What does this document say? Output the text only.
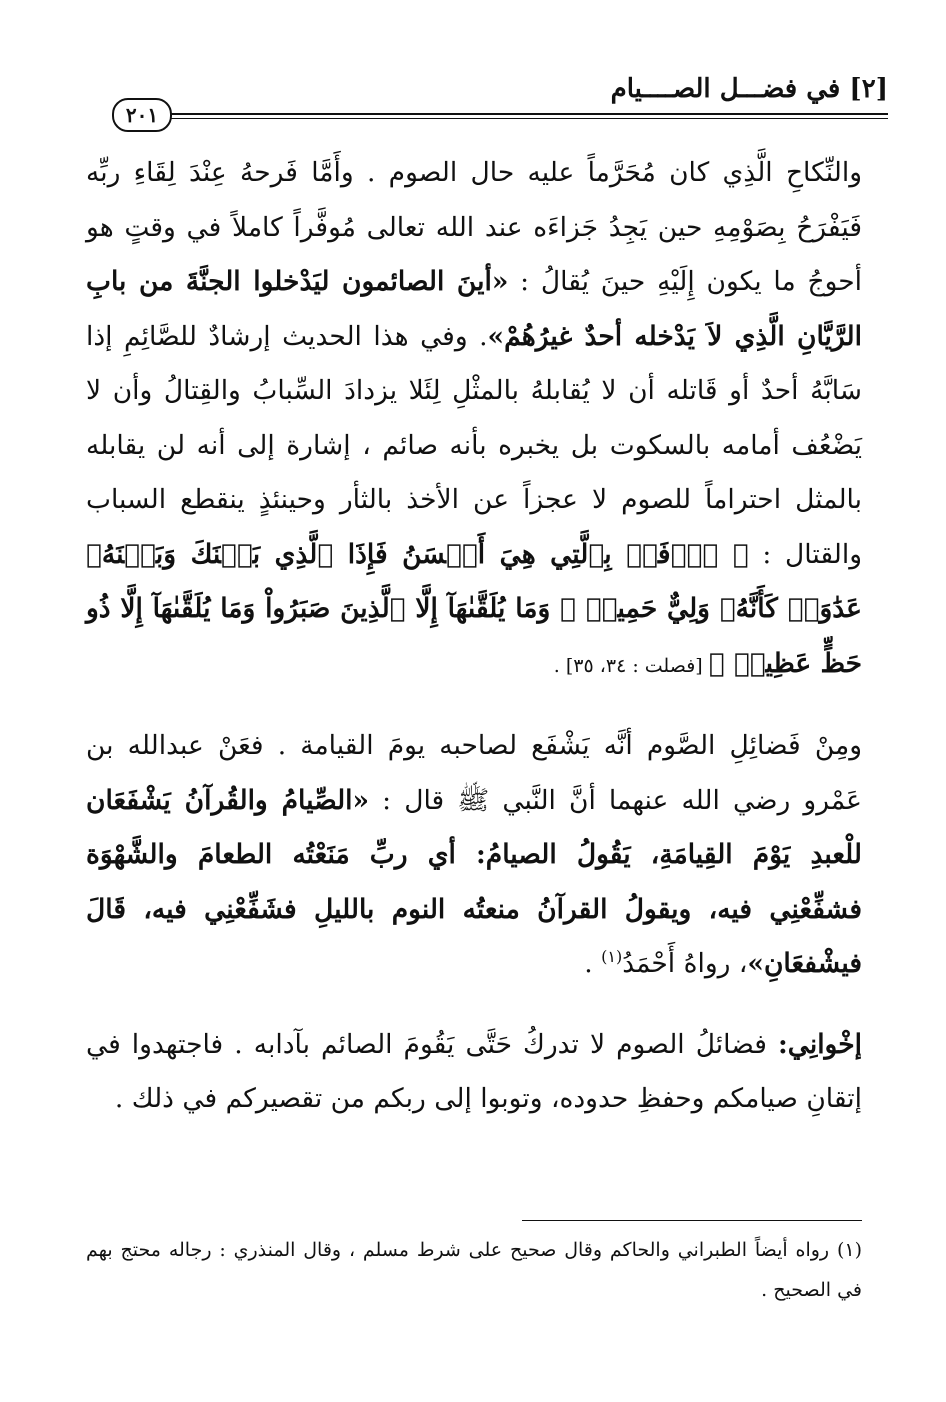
[٢] في فضـــل الصــــيام
٢٠١

والنِّكاحِ الَّذِي كان مُحَرَّماً عليه حال الصوم . وأَمَّا فَرحهُ عِنْدَ لِقَاءِ ربِّه فَيَفْرَحُ بِصَوْمِهِ حين يَجِدُ جَزاءَه عند الله تعالى مُوفَّراً كاملاً في وقتٍ هو أحوجُ ما يكون إِلَيْهِ حينَ يُقالُ : «أينَ الصائمون ليَدْخلوا الجنَّةَ من بابِ الرَّيَّانِ الَّذِي لاَ يَدْخله أحدٌ غيرُهُمْ». وفي هذا الحديث إرشادٌ للصَّائِمِ إذا سَابَّهُ أحدٌ أو قَاتله أن لا يُقابلهُ بالمثْلِ لِئَلا يزدادَ السِّبابُ والقِتالُ وأن لا يَضْعُف أمامه بالسكوت بل يخبره بأنه صائم ، إشارة إلى أنه لن يقابله بالمثل احتراماً للصوم لا عجزاً عن الأخذ بالثأر وحينئذٍ ينقطع السباب والقتال : ﴿ ٱدۡفَعۡ بِٱلَّتِي هِيَ أَحۡسَنُ فَإِذَا ٱلَّذِي بَيۡنَكَ وَبَيۡنَهُۥ عَدَٰوَةٞ كَأَنَّهُۥ وَلِيٌّ حَمِيمٞ ۞ وَمَا يُلَقَّىٰهَآ إِلَّا ٱلَّذِينَ صَبَرُواْ وَمَا يُلَقَّىٰهَآ إِلَّا ذُو حَظٍّ عَظِيمٖ ﴾ [فصلت : ٣٤، ٣٥] .

ومِنْ فَضائِلِ الصَّوم أنَّه يَشْفَع لصاحبه يومَ القيامة . فعَنْ عبدالله بن عَمْرو رضي الله عنهما أنَّ النَّبي ﷺ قال : «الصِّيامُ والقُرآنُ يَشْفَعَان للْعبدِ يَوْمَ القِيامَةِ، يَقُولُ الصيامُ: أي ربِّ مَنَعْتُه الطعامَ والشَّهْوَة فشفِّعْنِي فيه، ويقولُ القرآنُ منعتُه النوم بالليلِ فشَفِّعْنِي فيه، قَالَ فيشْفعَانِ»، رواهُ أَحْمَدُ$^{(١)}$ .

إخْوانِي: فضائلُ الصوم لا تدركُ حَتَّى يَقُومَ الصائم بآدابه . فاجتهدوا في إتقانِ صيامكم وحفظِ حدوده، وتوبوا إلى ربكم من تقصيركم في ذلك .

(١) رواه أيضاً الطبراني والحاكم وقال صحيح على شرط مسلم ، وقال المنذري : رجاله محتج بهم في الصحيح .
